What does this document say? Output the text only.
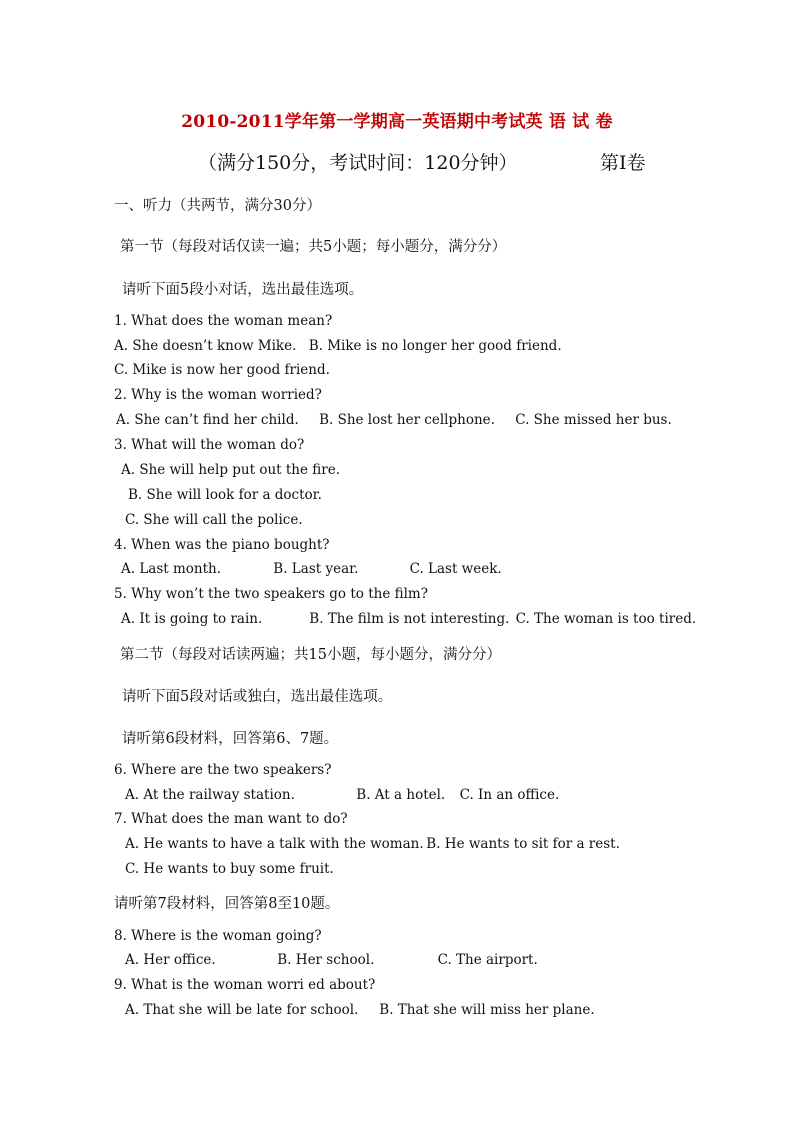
2010-2011学年第一学期高一英语期中考试英 语 试 卷
（满分150分，考试时间：120分钟）	第I卷
一、听力（共两节，满分30分）
第一节（每段对话仅读一遍；共5小题；每小题分，满分分）
请听下面5段小对话，选出最佳选项。
1. What does the woman mean?
A. She doesn’t know Mike. B. Mike is no longer her good friend.
C. Mike is now her good friend.
2. Why is the woman worried?
A. She can’t find her child. B. She lost her cellphone. C. She missed her bus.
3. What will the woman do?
A. She will help put out the fire.
B. She will look for a doctor.
C. She will call the police.
4. When was the piano bought?
A. Last month.	B. Last year.	C. Last week.
5. Why won’t the two speakers go to the film?
A. It is going to rain.	B. The film is not interesting. C. The woman is too tired.
第二节（每段对话读两遍；共15小题，每小题分，满分分）
请听下面5段对话或独白，选出最佳选项。
请听第6段材料，回答第6、7题。
6. Where are the two speakers?
A. At the railway station.	B. At a hotel. C. In an office.
7. What does the man want to do?
A. He wants to have a talk with the woman. B. He wants to sit for a rest.
C. He wants to buy some fruit.
请听第7段材料，回答第8至10题。
8. Where is the woman going?
A. Her office.	B. Her school.	C. The airport.
9. What is the woman worri ed about?
A. That she will be late for school. B. That she will miss her plane.
